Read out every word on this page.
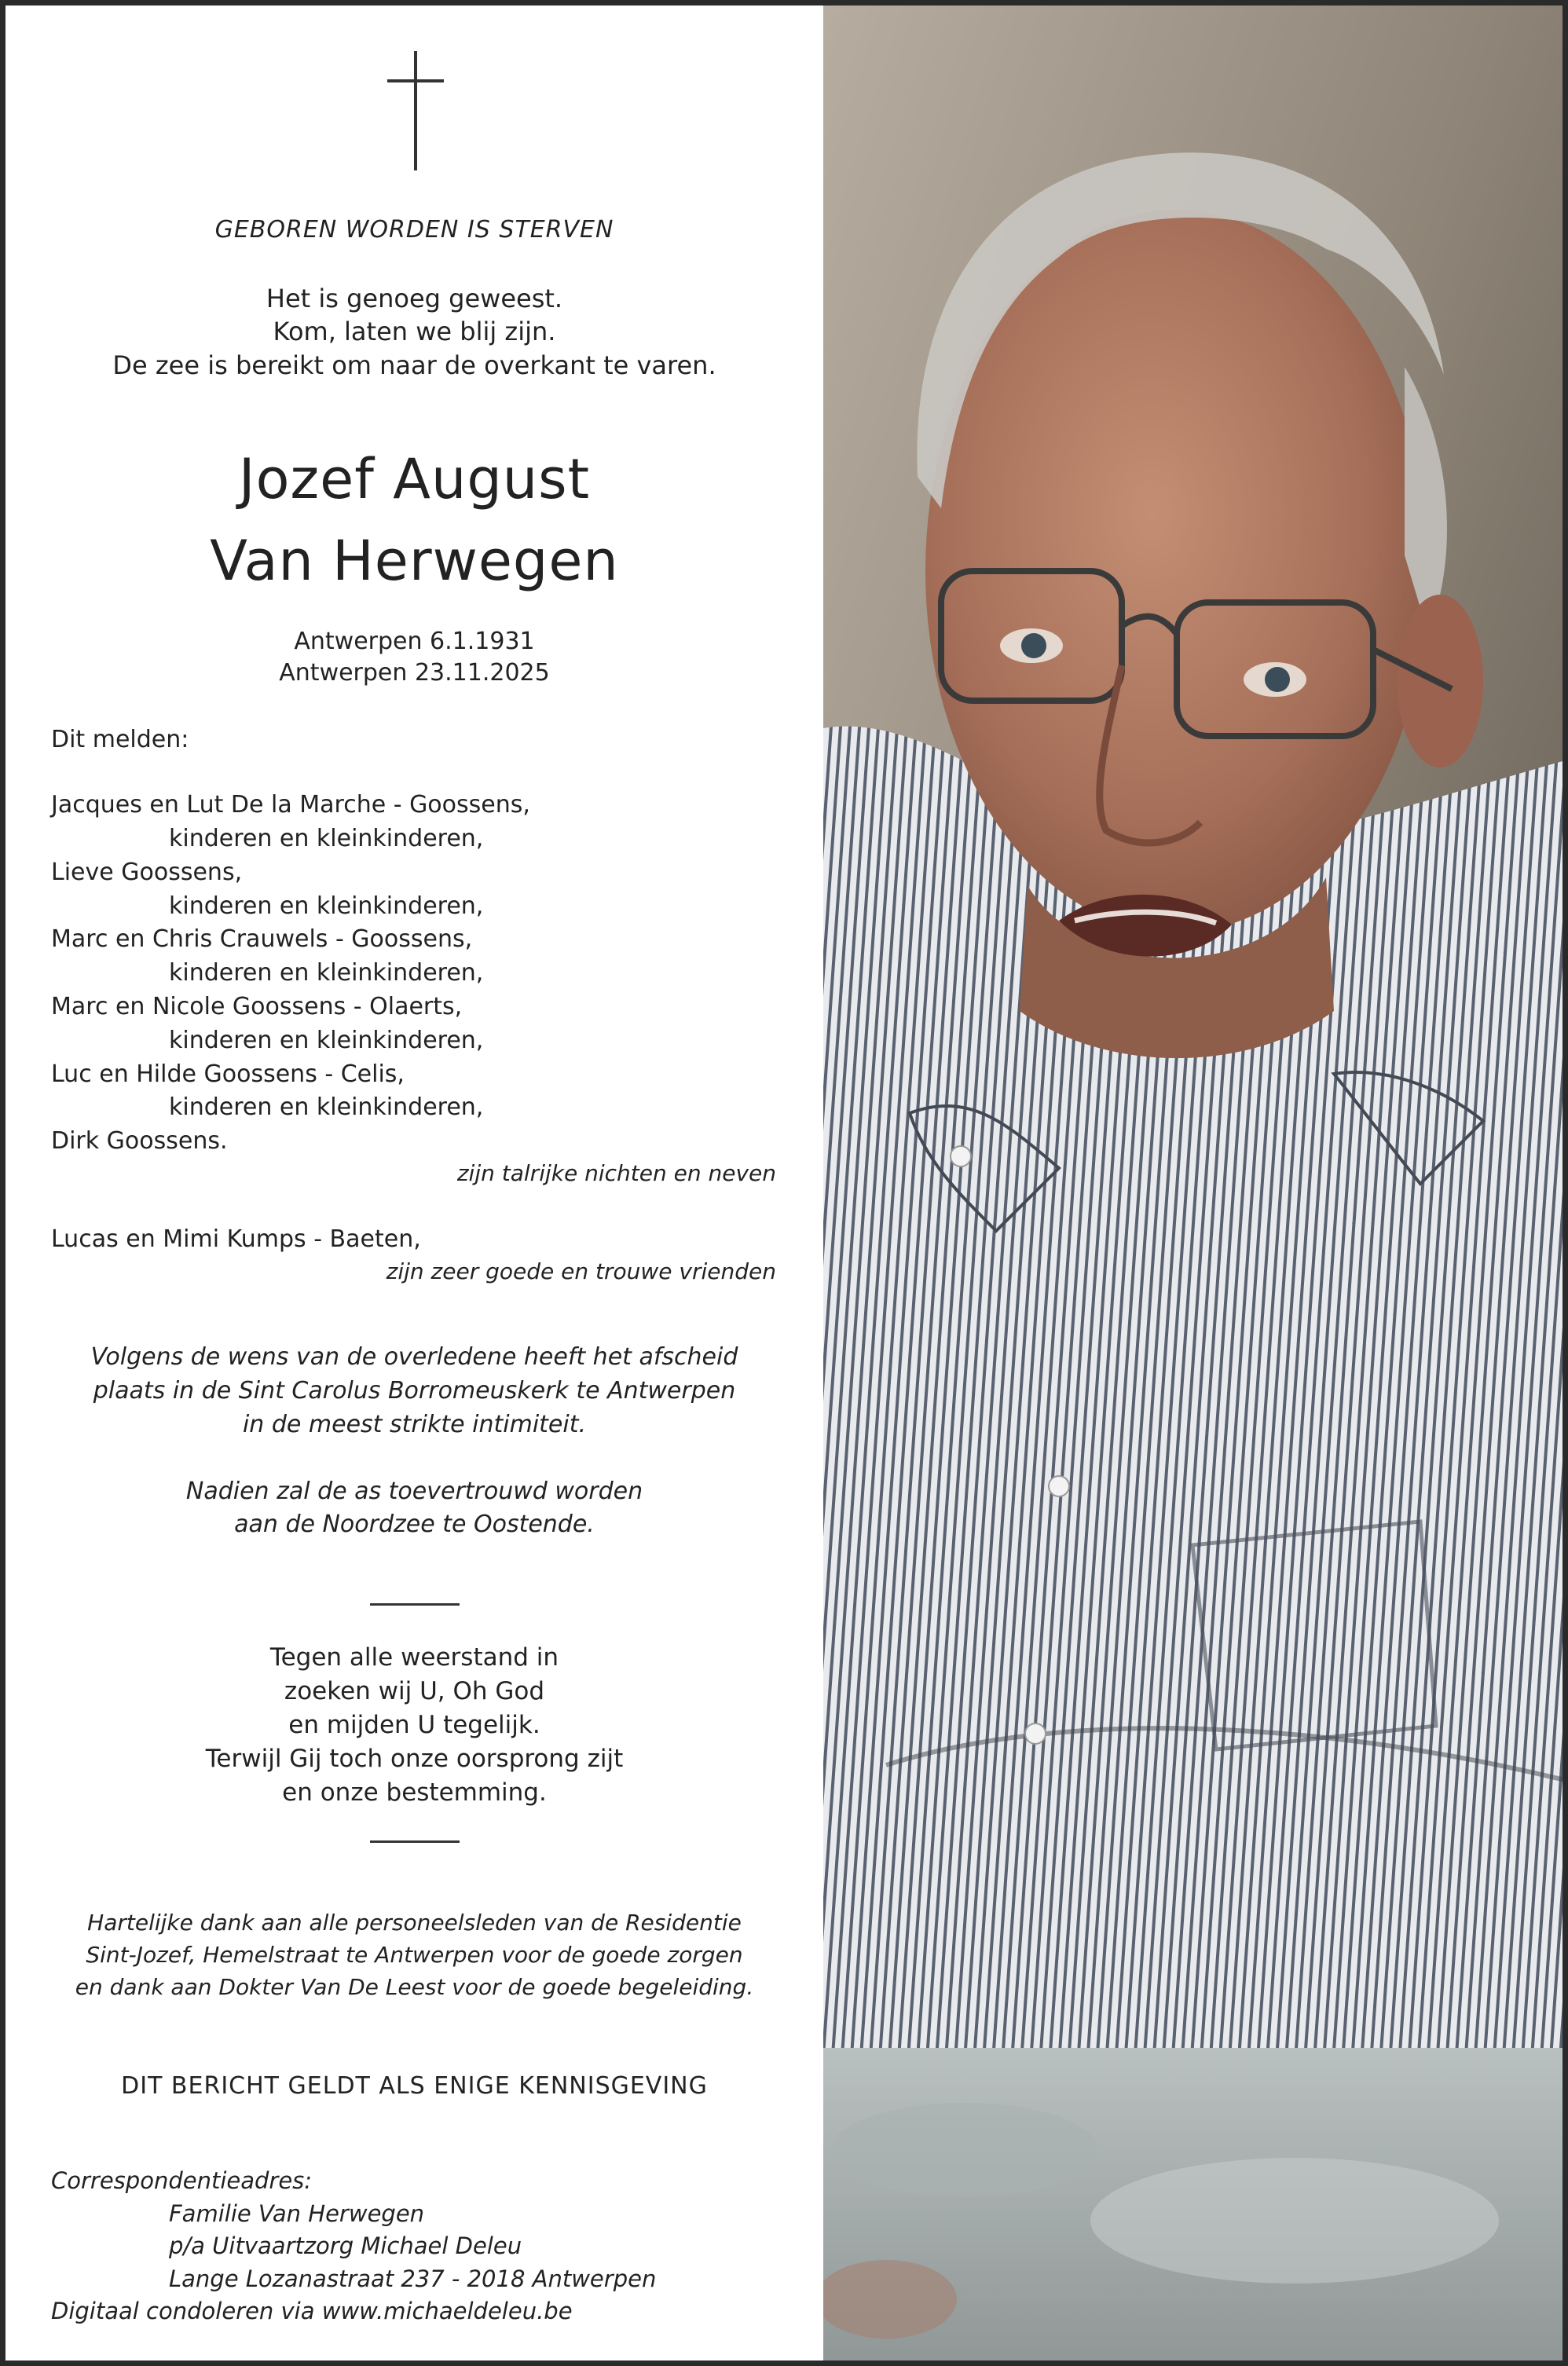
GEBOREN WORDEN IS STERVEN
Het is genoeg geweest.
Kom, laten we blij zijn.
De zee is bereikt om naar de overkant te varen.
Jozef August
Van Herwegen
Antwerpen 6.1.1931
Antwerpen 23.11.2025
Dit melden:
Jacques en Lut De la Marche - Goossens,
kinderen en kleinkinderen,
Lieve Goossens,
kinderen en kleinkinderen,
Marc en Chris Crauwels - Goossens,
kinderen en kleinkinderen,
Marc en Nicole Goossens - Olaerts,
kinderen en kleinkinderen,
Luc en Hilde Goossens - Celis,
kinderen en kleinkinderen,
Dirk Goossens.
zijn talrijke nichten en neven
Lucas en Mimi Kumps - Baeten,
zijn zeer goede en trouwe vrienden
Volgens de wens van de overledene heeft het afscheid
plaats in de Sint Carolus Borromeuskerk te Antwerpen
in de meest strikte intimiteit.
Nadien zal de as toevertrouwd worden
aan de Noordzee te Oostende.
Tegen alle weerstand in
zoeken wij U, Oh God
en mijden U tegelijk.
Terwijl Gij toch onze oorsprong zijt
en onze bestemming.
Hartelijke dank aan alle personeelsleden van de Residentie
Sint-Jozef, Hemelstraat te Antwerpen voor de goede zorgen
en dank aan Dokter Van De Leest voor de goede begeleiding.
DIT BERICHT GELDT ALS ENIGE KENNISGEVING
Correspondentieadres:
Familie Van Herwegen
p/a Uitvaartzorg Michael Deleu
Lange Lozanastraat 237 - 2018 Antwerpen
Digitaal condoleren via www.michaeldeleu.be
